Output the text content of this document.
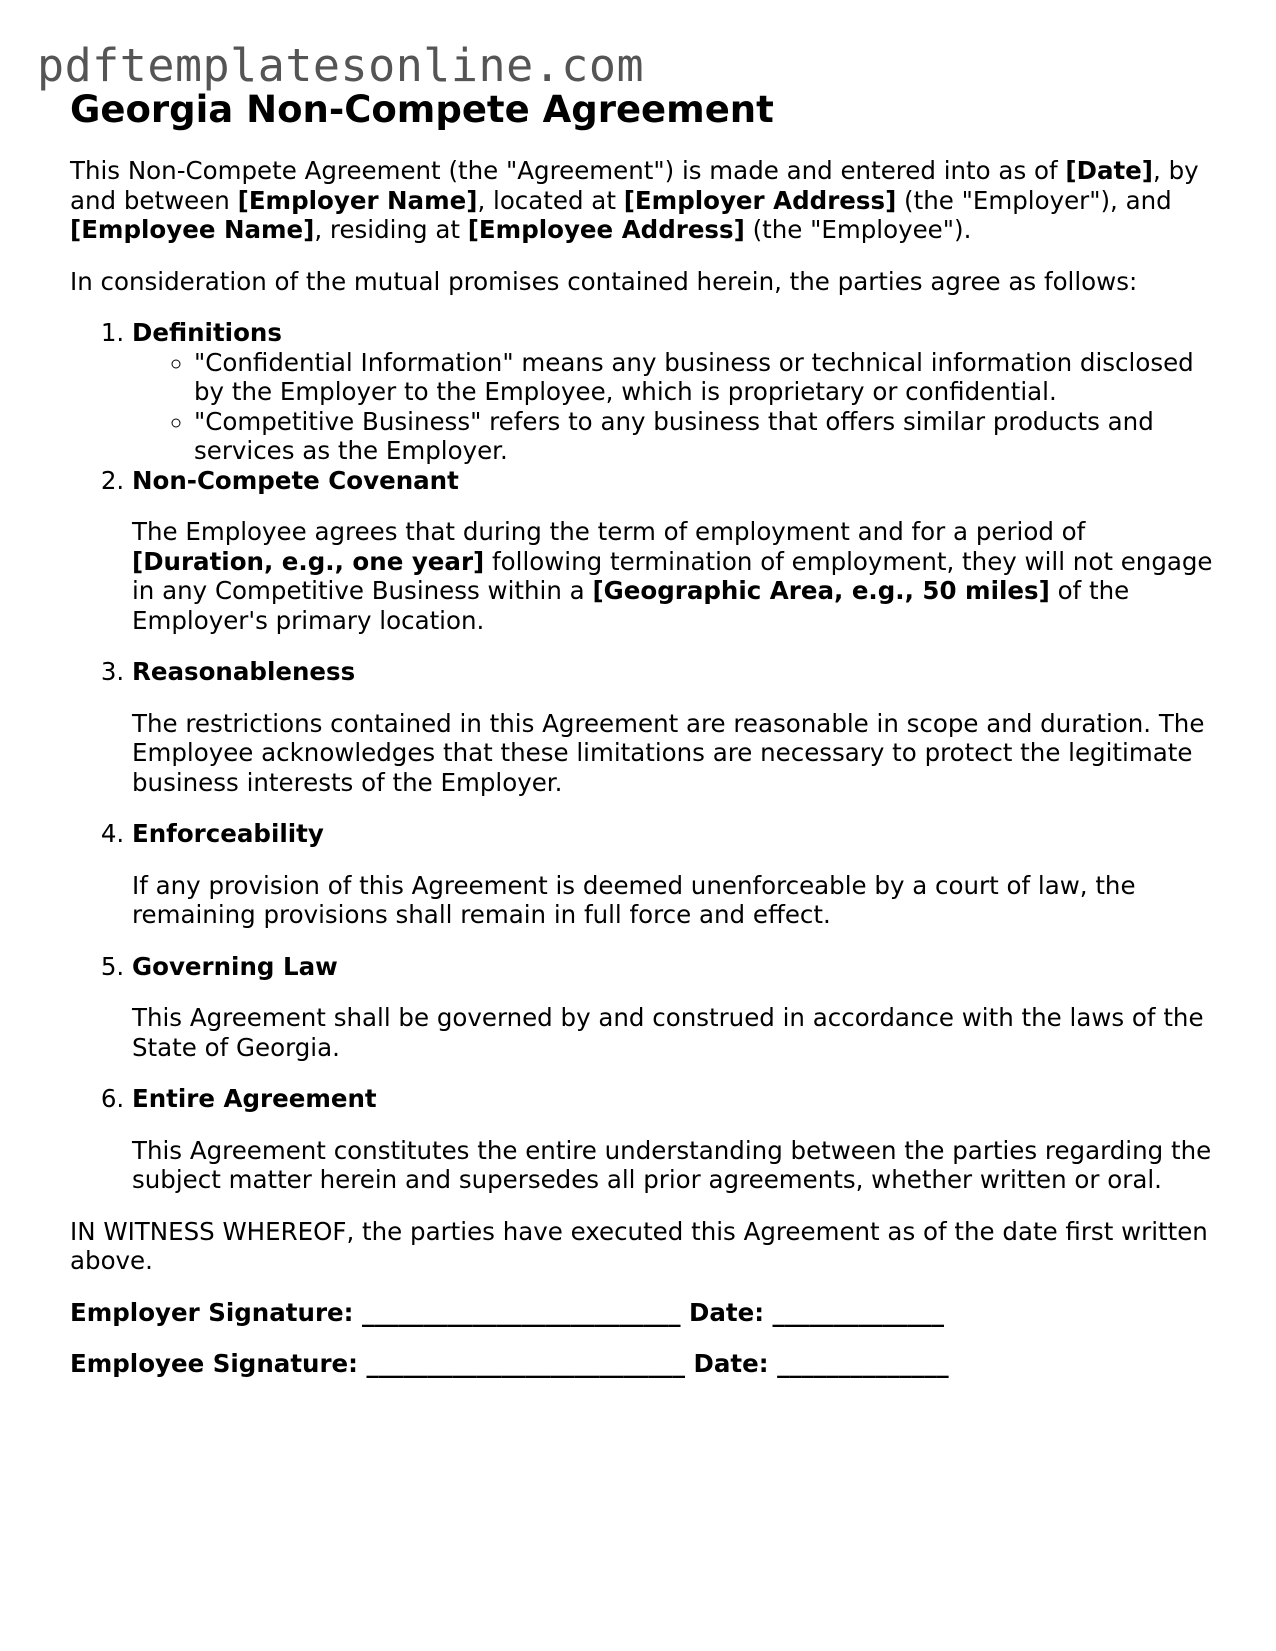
pdftemplatesonline.com
Georgia Non-Compete Agreement

This Non-Compete Agreement (the "Agreement") is made and entered into as of [Date], by and between [Employer Name], located at [Employer Address] (the "Employer"), and [Employee Name], residing at [Employee Address] (the "Employee").

In consideration of the mutual promises contained herein, the parties agree as follows:

1. Definitions
◦ "Confidential Information" means any business or technical information disclosed by the Employer to the Employee, which is proprietary or confidential.
◦ "Competitive Business" refers to any business that offers similar products and services as the Employer.
2. Non-Compete Covenant
The Employee agrees that during the term of employment and for a period of [Duration, e.g., one year] following termination of employment, they will not engage in any Competitive Business within a [Geographic Area, e.g., 50 miles] of the Employer's primary location.
3. Reasonableness
The restrictions contained in this Agreement are reasonable in scope and duration. The Employee acknowledges that these limitations are necessary to protect the legitimate business interests of the Employer.
4. Enforceability
If any provision of this Agreement is deemed unenforceable by a court of law, the remaining provisions shall remain in full force and effect.
5. Governing Law
This Agreement shall be governed by and construed in accordance with the laws of the State of Georgia.
6. Entire Agreement
This Agreement constitutes the entire understanding between the parties regarding the subject matter herein and supersedes all prior agreements, whether written or oral.

IN WITNESS WHEREOF, the parties have executed this Agreement as of the date first written above.

Employer Signature: __________________________ Date: ______________
Employee Signature: __________________________ Date: ______________
